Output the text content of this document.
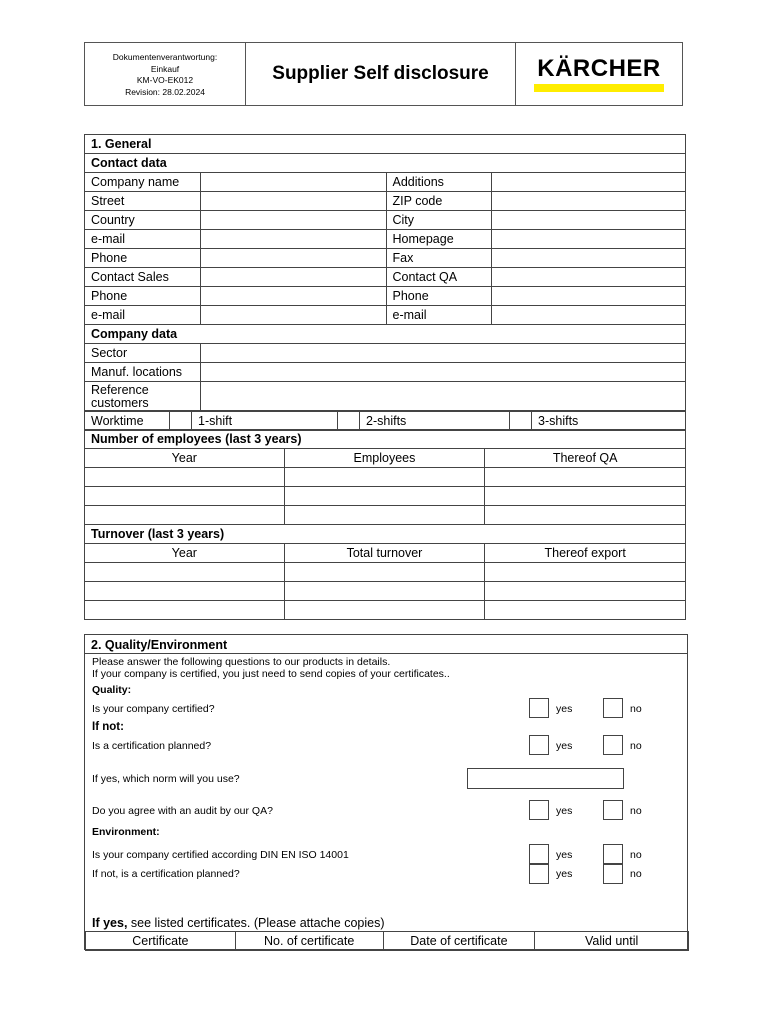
Dokumentenverantwortung:
Einkauf
KM-VO-EK012
Revision: 28.02.2024
Supplier Self disclosure	KÄRCHER
1. General			
Contact data			
Company name		Additions	
Street		ZIP code	
Country		City	
e-mail		Homepage	
Phone		Fax	
Contact Sales		Contact QA	
Phone		Phone	
e-mail		e-mail	
Company data			
Sector			
Manuf. locations			
Reference customers			
Worktime		1-shift		2-shifts		3-shifts
Number of employees (last 3 years)		
Year	Employees	Thereof QA

Turnover (last 3 years)		
Year	Total turnover	Thereof export

2. Quality/Environment
Please answer the following questions to our products in details.
If your company is certified, you just need to send copies of your certificates..
Quality:
Is your company certified?	yes	no
If not:
Is a certification planned?	yes	no
If yes, which norm will you use?
Do you agree with an audit by our QA?	yes	no
Environment:
Is your company certified according DIN EN ISO 14001	yes	no
If not, is a certification planned?	yes	no
If yes, see listed certificates. (Please attache copies)
Certificate	No. of certificate	Date of certificate	Valid until
